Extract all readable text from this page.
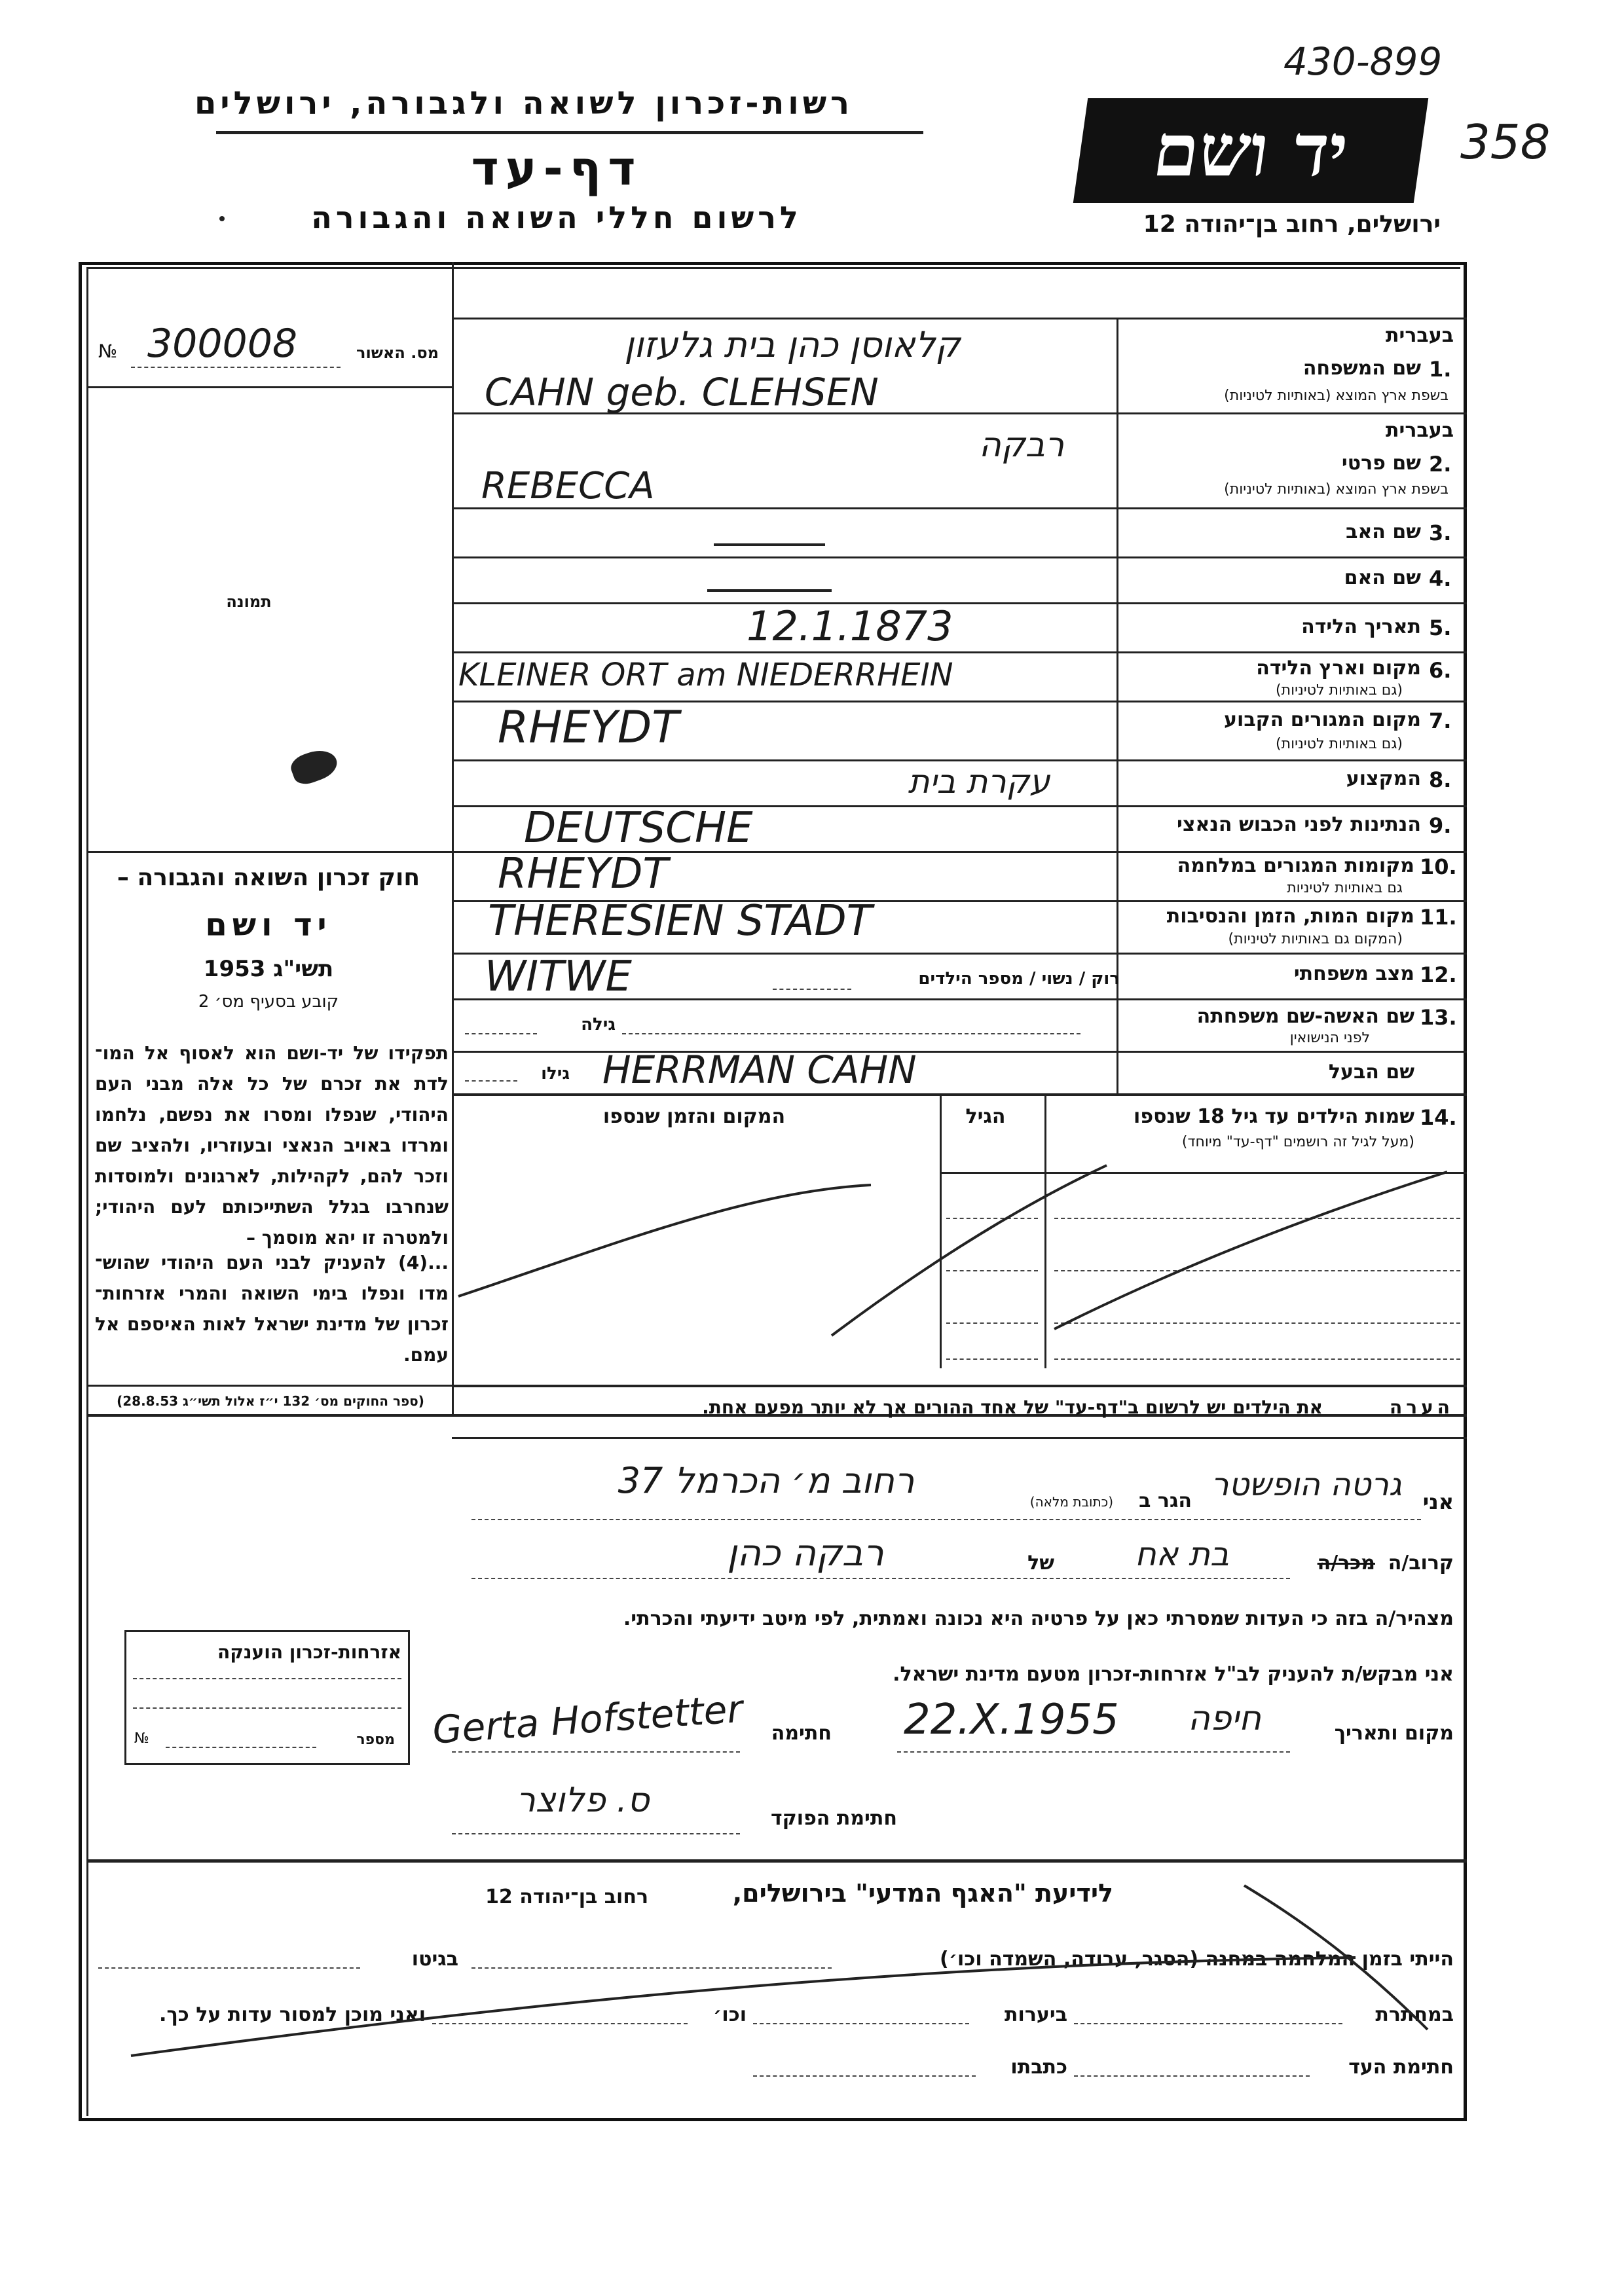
430-899
358
רשות-זכרון לשואה ולגבורה, ירושלים
דף-עד
לרשום חללי השואה והגבורה
יד ושם
ירושלים, רחוב בן־יהודה 12
№ 300008	מס. האשור
תמונה
חוק זכרון השואה והגבורה –
יד ושם
תשי"ג 1953
קובע בסעיף מס׳ 2
תפקידו של יד-ושם הוא לאסוף אל המו־ לדת את זכרם של כל אלה מבני העם היהודי, שנפלו ומסרו את נפשם, נלחמו ומרדו באויב הנאצי ובעוזריו, ולהציב שם וזכר להם, לקהילות, לארגונים ולמוסדות שנחרבו בגלל השתייכותם לעם היהודי; ולמטרה זו יהא מוסמך –
...(4) להעניק לבני העם היהודי שהוש־ מדו ונפלו בימי השואה והמרי אזרחות־ זכרון של מדינת ישראל לאות האיספם אל עמם.
(ספר החוקים מס׳ 132 י״ז אלול תשי״ג 28.8.53)
בעברית
1.
שם המשפחה
בשפת ארץ המוצא (באותיות לטיניות)
קלאוסן כהן בית גלעזון
CAHN geb. CLEHSEN
בעברית
2.
שם פרטי
בשפת ארץ המוצא (באותיות לטיניות)
רבקה
REBECCA
3.
שם האב
4.
שם האם
5.
תאריך הלידה
12.1.1873
6.
מקום וארץ הלידה
(גם באותיות לטיניות)
KLEINER ORT am NIEDERRHEIN
7.
מקום המגורים הקבוע
(גם באותיות לטיניות)
RHEYDT
8.
המקצוע
עקרת בית
9.
הנתינות לפני הכבוש הנאצי
DEUTSCHE
10.
מקומות המגורים במלחמה
גם באותיות לטיניות
RHEYDT
11.
מקום המות, הזמן והנסיבות
(המקום גם באותיות לטיניות)
THERESIEN STADT
12.
מצב משפחתי
רוק / נשוי / מספר הילדים
WITWE
13.
שם האשה-שם משפחתה
לפני הנישואין
גילה
שם הבעל
גילו HERRMAN CAHN
14.
שמות הילדים עד גיל 18 שנספו
(מעל לגיל זה רושמים "דף-עד" מיוחד)
הגיל
המקום והזמן שנספו
הערה
את הילדים יש לרשום ב"דף-עד" של אחד ההורים אך לא יותר מפעם אחת.
אני
גרטה הופשטר
הגר ב
(כתובת מלאה)
רחוב מ׳ הכרמל 37
קרוב/ה
מכר/ה
בת אח
של
רבקה כהן
מצהיר/ה בזה כי העדות שמסרתי כאן על פרטיה היא נכונה ואמתית, לפי מיטב ידיעתי והכרתי.
אני מבקש/ת להעניק לב"ל אזרחות-זכרון מטעם מדינת ישראל.
מקום ותאריך
חיפה
22.X.1955
חתימה
Gerta Hofstetter
חתימת הפוקד
ס. פלוצר
אזרחות-זכרון הוענקה
№	מספר
לידיעת "האגף המדעי" בירושלים,
רחוב בן־יהודה 12
הייתי בזמן המלחמה במחנה (הסגר, עבודה, השמדה וכו׳)
בגיטו
במחתרת
ביערות
וכו׳
ואני מוכן למסור עדות על כך.
חתימת העד
כתבתו
